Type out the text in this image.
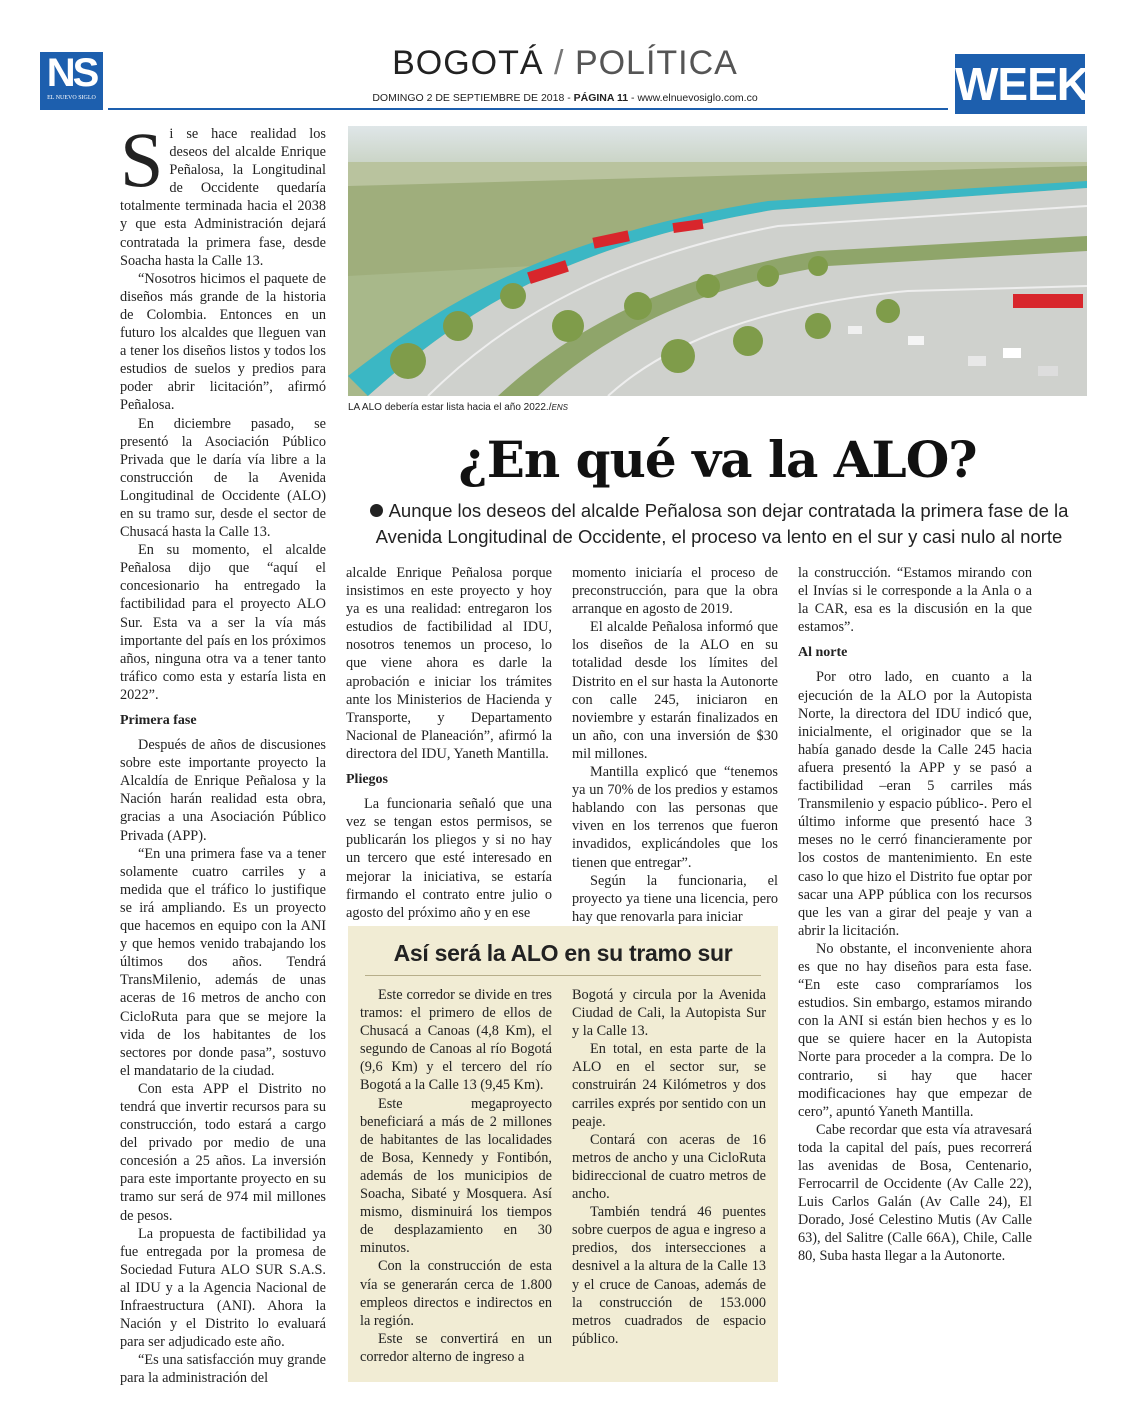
NS
EL NUEVO SIGLO
BOGOTÁ / POLÍTICA
DOMINGO 2 DE SEPTIEMBRE DE 2018 - PÁGINA 11 - www.elnuevosiglo.com.co	WEEK
LA ALO debería estar lista hacia el año 2022./ENS
¿En qué va la ALO?
Aunque los deseos del alcalde Peñalosa son dejar contratada la primera fase de la Avenida Longitudinal de Occidente, el proceso va lento en el sur y casi nulo al norte

Si se hace realidad los deseos del alcalde Enrique Peñalosa, la Longitudinal de Occidente quedaría totalmente terminada hacia el 2038 y que esta Administración dejará contratada la primera fase, desde Soacha hasta la Calle 13.

“Nosotros hicimos el paquete de diseños más grande de la historia de Colombia. Entonces en un futuro los alcaldes que lleguen van a tener los diseños listos y todos los estudios de suelos y predios para poder abrir licitación”, afirmó Peñalosa.

En diciembre pasado, se presentó la Asociación Público Privada que le daría vía libre a la construcción de la Avenida Longitudinal de Occidente (ALO) en su tramo sur, desde el sector de Chusacá hasta la Calle 13.

En su momento, el alcalde Peñalosa dijo que “aquí el concesionario ha entregado la factibilidad para el proyecto ALO Sur. Esta va a ser la vía más importante del país en los próximos años, ninguna otra va a tener tanto tráfico como esta y estaría lista en 2022”.

Primera fase

Después de años de discusiones sobre este importante proyecto la Alcaldía de Enrique Peñalosa y la Nación harán realidad esta obra, gracias a una Asociación Público Privada (APP).

“En una primera fase va a tener solamente cuatro carriles y a medida que el tráfico lo justifique se irá ampliando. Es un proyecto que hacemos en equipo con la ANI y que hemos venido trabajando los últimos dos años. Tendrá TransMilenio, además de unas aceras de 16 metros de ancho con CicloRuta para que se mejore la vida de los habitantes de los sectores por donde pasa”, sostuvo el mandatario de la ciudad.

Con esta APP el Distrito no tendrá que invertir recursos para su construcción, todo estará a cargo del privado por medio de una concesión a 25 años. La inversión para este importante proyecto en su tramo sur será de 974 mil millones de pesos.

La propuesta de factibilidad ya fue entregada por la promesa de Sociedad Futura ALO SUR S.A.S. al IDU y a la Agencia Nacional de Infraestructura (ANI). Ahora la Nación y el Distrito lo evaluará para ser adjudicado este año.

“Es una satisfacción muy grande para la administración del

alcalde Enrique Peñalosa porque insistimos en este proyecto y hoy ya es una realidad: entregaron los estudios de factibilidad al IDU, nosotros tenemos un proceso, lo que viene ahora es darle la aprobación e iniciar los trámites ante los Ministerios de Hacienda y Transporte, y Departamento Nacional de Planeación”, afirmó la directora del IDU, Yaneth Mantilla.

Pliegos

La funcionaria señaló que una vez se tengan estos permisos, se publicarán los pliegos y si no hay un tercero que esté interesado en mejorar la iniciativa, se estaría firmando el contrato entre julio o agosto del próximo año y en ese

momento iniciaría el proceso de preconstrucción, para que la obra arranque en agosto de 2019.

El alcalde Peñalosa informó que los diseños de la ALO en su totalidad desde los límites del Distrito en el sur hasta la Autonorte con calle 245, iniciaron en noviembre y estarán finalizados en un año, con una inversión de $30 mil millones.

Mantilla explicó que “tenemos ya un 70% de los predios y estamos hablando con las personas que viven en los terrenos que fueron invadidos, explicándoles que los tienen que entregar”.

Según la funcionaria, el proyecto ya tiene una licencia, pero hay que renovarla para iniciar

la construcción. “Estamos mirando con el Invías si le corresponde a la Anla o a la CAR, esa es la discusión en la que estamos”.

Al norte

Por otro lado, en cuanto a la ejecución de la ALO por la Autopista Norte, la directora del IDU indicó que, inicialmente, el originador que se la había ganado desde la Calle 245 hacia afuera presentó la APP y se pasó a factibilidad –eran 5 carriles más Transmilenio y espacio público-. Pero el último informe que presentó hace 3 meses no le cerró financieramente por los costos de mantenimiento. En este caso lo que hizo el Distrito fue optar por sacar una APP pública con los recursos que les van a girar del peaje y van a abrir la licitación.

No obstante, el inconveniente ahora es que no hay diseños para esta fase. “En este caso compraríamos los estudios. Sin embargo, estamos mirando con la ANI si están bien hechos y es lo que se quiere hacer en la Autopista Norte para proceder a la compra. De lo contrario, si hay que hacer modificaciones hay que empezar de cero”, apuntó Yaneth Mantilla.

Cabe recordar que esta vía atravesará toda la capital del país, pues recorrerá las avenidas de Bosa, Centenario, Ferrocarril de Occidente (Av Calle 22), Luis Carlos Galán (Av Calle 24), El Dorado, José Celestino Mutis (Av Calle 63), del Salitre (Calle 66A), Chile, Calle 80, Suba hasta llegar a la Autonorte.

Así será la ALO en su tramo sur

Este corredor se divide en tres tramos: el primero de ellos de Chusacá a Canoas (4,8 Km), el segundo de Canoas al río Bogotá (9,6 Km) y el tercero del río Bogotá a la Calle 13 (9,45 Km).

Este megaproyecto beneficiará a más de 2 millones de habitantes de las localidades de Bosa, Kennedy y Fontibón, además de los municipios de Soacha, Sibaté y Mosquera. Así mismo, disminuirá los tiempos de desplazamiento en 30 minutos.

Con la construcción de esta vía se generarán cerca de 1.800 empleos directos e indirectos en la región.

Este se convertirá en un corredor alterno de ingreso a

Bogotá y circula por la Avenida Ciudad de Cali, la Autopista Sur y la Calle 13.

En total, en esta parte de la ALO en el sector sur, se construirán 24 Kilómetros y dos carriles exprés por sentido con un peaje.

Contará con aceras de 16 metros de ancho y una CicloRuta bidireccional de cuatro metros de ancho.

También tendrá 46 puentes sobre cuerpos de agua e ingreso a predios, dos intersecciones a desnivel a la altura de la Calle 13 y el cruce de Canoas, además de la construcción de 153.000 metros cuadrados de espacio público.
